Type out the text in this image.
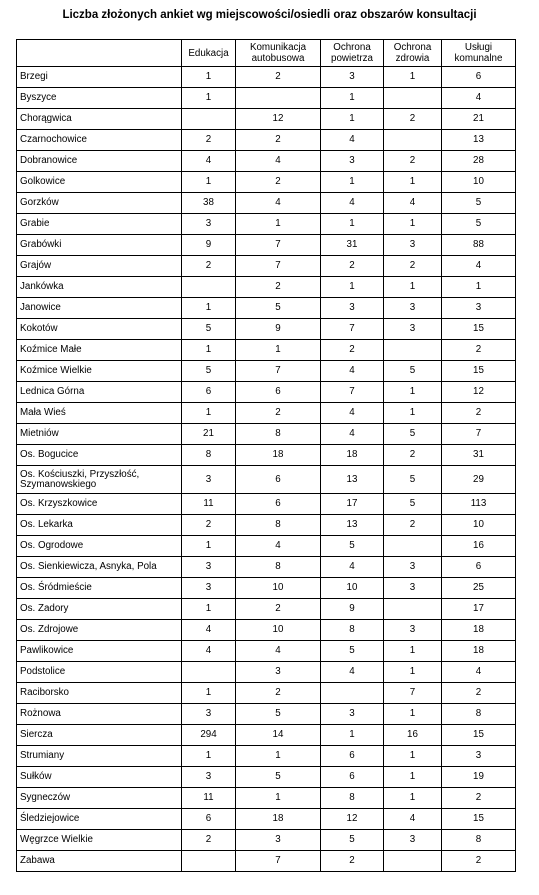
Liczba złożonych ankiet wg miejscowości/osiedli oraz obszarów konsultacji
	Edukacja	Komunikacja autobusowa	Ochrona powietrza	Ochrona zdrowia	Usługi komunalne
Brzegi	1	2	3	1	6
Byszyce	1		1		4
Chorągwica		12	1	2	21
Czarnochowice	2	2	4		13
Dobranowice	4	4	3	2	28
Golkowice	1	2	1	1	10
Gorzków	38	4	4	4	5
Grabie	3	1	1	1	5
Grabówki	9	7	31	3	88
Grajów	2	7	2	2	4
Jankówka		2	1	1	1
Janowice	1	5	3	3	3
Kokotów	5	9	7	3	15
Koźmice Małe	1	1	2		2
Koźmice Wielkie	5	7	4	5	15
Lednica Górna	6	6	7	1	12
Mała Wieś	1	2	4	1	2
Mietniów	21	8	4	5	7
Os. Bogucice	8	18	18	2	31
Os. Kościuszki, Przyszłość, Szymanowskiego	3	6	13	5	29
Os. Krzyszkowice	11	6	17	5	113
Os. Lekarka	2	8	13	2	10
Os. Ogrodowe	1	4	5		16
Os. Sienkiewicza, Asnyka, Pola	3	8	4	3	6
Os. Śródmieście	3	10	10	3	25
Os. Zadory	1	2	9		17
Os. Zdrojowe	4	10	8	3	18
Pawlikowice	4	4	5	1	18
Podstolice		3	4	1	4
Raciborsko	1	2		7	2
Rożnowa	3	5	3	1	8
Siercza	294	14	1	16	15
Strumiany	1	1	6	1	3
Sułków	3	5	6	1	19
Sygneczów	11	1	8	1	2
Śledziejowice	6	18	12	4	15
Węgrzce Wielkie	2	3	5	3	8
Zabawa		7	2		2
